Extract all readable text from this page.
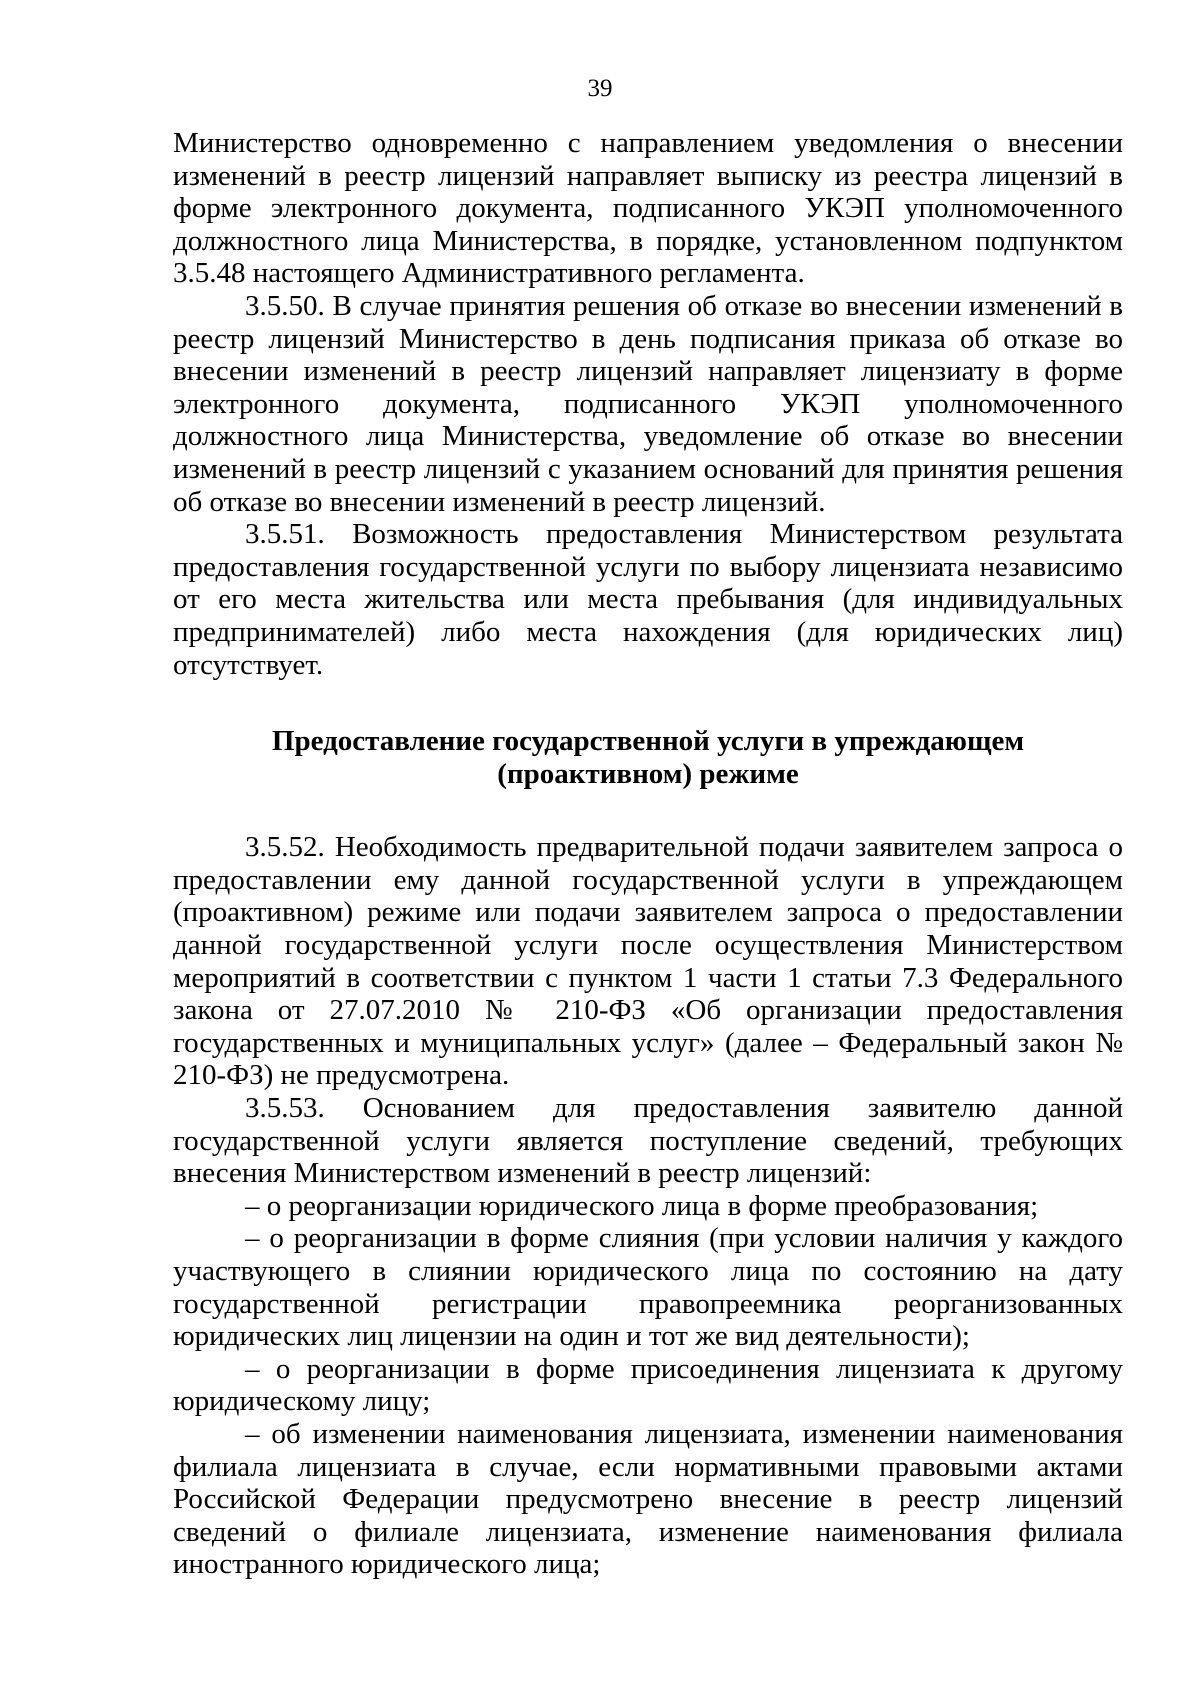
39

Министерство одновременно с направлением уведомления о внесении изменений в реестр лицензий направляет выписку из реестра лицензий в форме электронного документа, подписанного УКЭП уполномоченного должностного лица Министерства, в порядке, установленном подпунктом 3.5.48 настоящего Административного регламента.

3.5.50. В случае принятия решения об отказе во внесении изменений в реестр лицензий Министерство в день подписания приказа об отказе во внесении изменений в реестр лицензий направляет лицензиату в форме электронного документа, подписанного УКЭП уполномоченного должностного лица Министерства, уведомление об отказе во внесении изменений в реестр лицензий с указанием оснований для принятия решения об отказе во внесении изменений в реестр лицензий.

3.5.51. Возможность предоставления Министерством результата предоставления государственной услуги по выбору лицензиата независимо от его места жительства или места пребывания (для индивидуальных предпринимателей) либо места нахождения (для юридических лиц) отсутствует.

Предоставление государственной услуги в упреждающем
(проактивном) режиме

3.5.52. Необходимость предварительной подачи заявителем запроса о предоставлении ему данной государственной услуги в упреждающем (проактивном) режиме или подачи заявителем запроса о предоставлении данной государственной услуги после осуществления Министерством мероприятий в соответствии с пунктом 1 части 1 статьи 7.3 Федерального закона от 27.07.2010 № 210-ФЗ «Об организации предоставления государственных и муниципальных услуг» (далее – Федеральный закон № 210-ФЗ) не предусмотрена.

3.5.53. Основанием для предоставления заявителю данной государственной услуги является поступление сведений, требующих внесения Министерством изменений в реестр лицензий:

– о реорганизации юридического лица в форме преобразования;

– о реорганизации в форме слияния (при условии наличия у каждого участвующего в слиянии юридического лица по состоянию на дату государственной регистрации правопреемника реорганизованных юридических лиц лицензии на один и тот же вид деятельности);

– о реорганизации в форме присоединения лицензиата к другому юридическому лицу;

– об изменении наименования лицензиата, изменении наименования филиала лицензиата в случае, если нормативными правовыми актами Российской Федерации предусмотрено внесение в реестр лицензий сведений о филиале лицензиата, изменение наименования филиала иностранного юридического лица;
